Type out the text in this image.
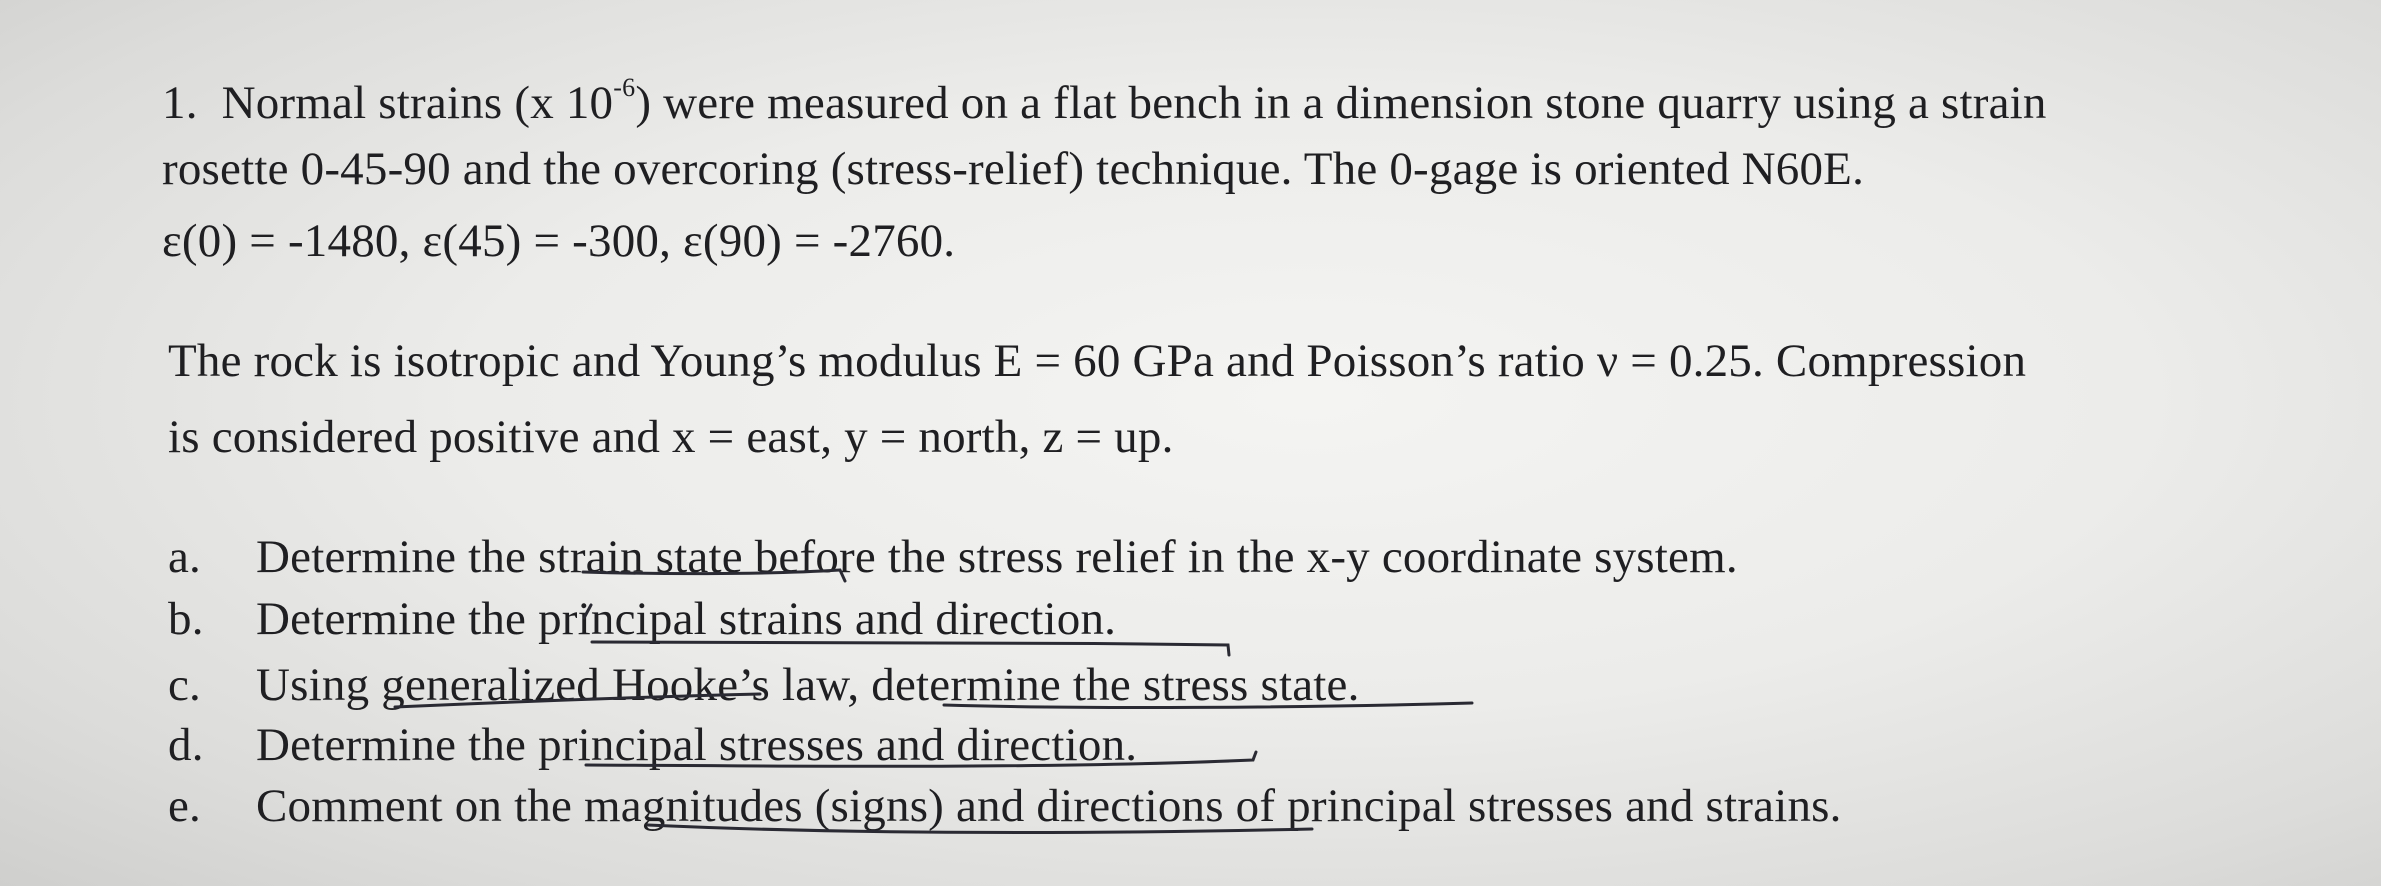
1. Normal strains (x $10^{-6}$) were measured on a flat bench in a dimension stone quarry using a strain
rosette 0-45-90 and the overcoring (stress-relief) technique. The 0-gage is oriented N60E.
ε(0) = -1480, ε(45) = -300, ε(90) = -2760.
The rock is isotropic and Young’s modulus E = 60 GPa and Poisson’s ratio ν = 0.25. Compression
is considered positive and x = east, y = north, z = up.
a. Determine the strain state before the stress relief in the x-y coordinate system.
b. Determine the principal strains and direction.
c. Using generalized Hooke’s law, determine the stress state.
d. Determine the principal stresses and direction.
e. Comment on the magnitudes (signs) and directions of principal stresses and strains.
